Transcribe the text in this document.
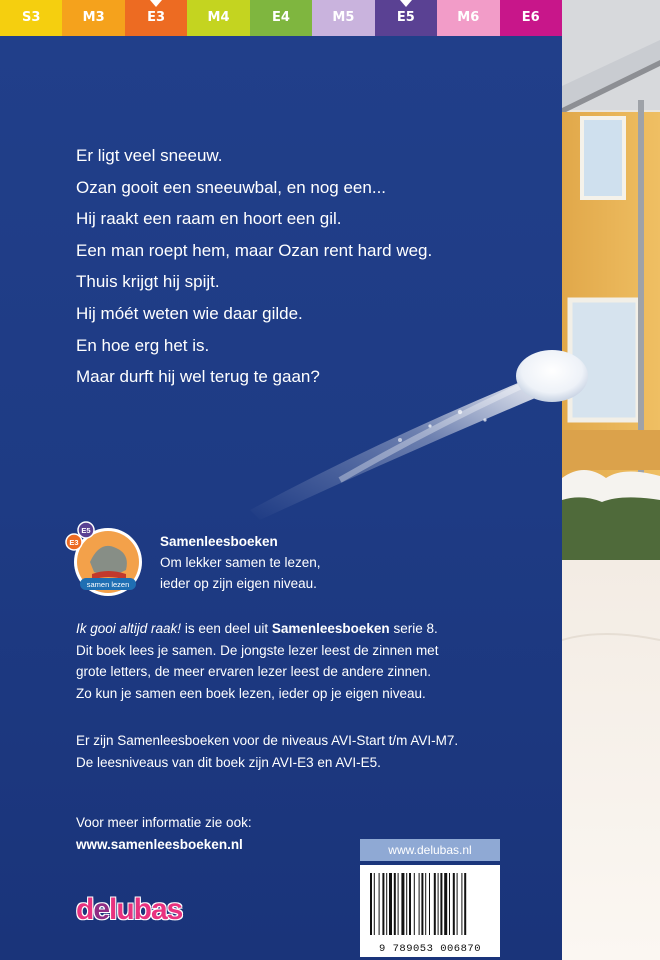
S3	M3	E3	M4	E4	M5	E5	M6	E6
Er ligt veel sneeuw.
Ozan gooit een sneeuwbal, en nog een...
Hij raakt een raam en hoort een gil.
Een man roept hem, maar Ozan rent hard weg.
Thuis krijgt hij spijt.
Hij móét weten wie daar gilde.
En hoe erg het is.
Maar durft hij wel terug te gaan?
samen lezen
E5
E3	Samenleesboeken
Om lekker samen te lezen,
ieder op zijn eigen niveau.
Ik gooi altijd raak! is een deel uit Samenleesboeken serie 8.
Dit boek lees je samen. De jongste lezer leest de zinnen met
grote letters, de meer ervaren lezer leest de andere zinnen.
Zo kun je samen een boek lezen, ieder op je eigen niveau.
Er zijn Samenleesboeken voor de niveaus AVI-Start t/m AVI-M7.
De leesniveaus van dit boek zijn AVI-E3 en AVI-E5.
Voor meer informatie zie ook:
www.samenleesboeken.nl	www.delubas.nl
9 789053 006870
delubas
